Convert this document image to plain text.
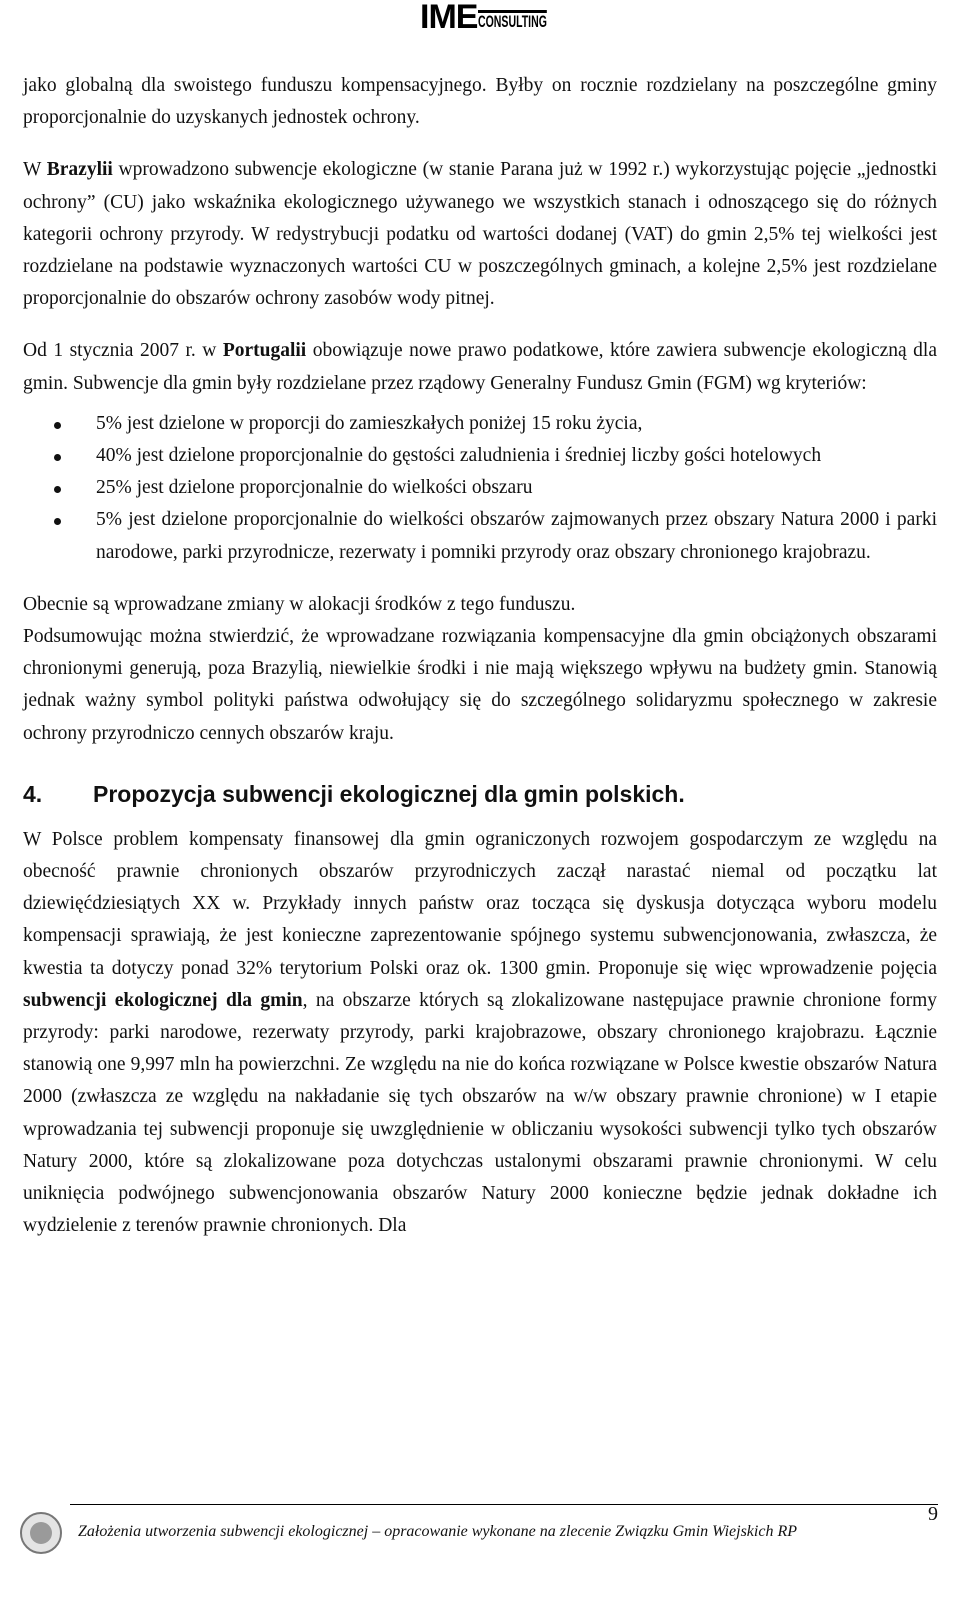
IME CONSULTING

jako globalną dla swoistego funduszu kompensacyjnego. Byłby on rocznie rozdzielany na poszczególne gminy proporcjonalnie do uzyskanych jednostek ochrony.

W Brazylii wprowadzono subwencje ekologiczne (w stanie Parana już w 1992 r.) wykorzystując pojęcie „jednostki ochrony” (CU) jako wskaźnika ekologicznego używanego we wszystkich stanach i odnoszącego się do różnych kategorii ochrony przyrody. W redystrybucji podatku od wartości dodanej (VAT) do gmin 2,5% tej wielkości jest rozdzielane na podstawie wyznaczonych wartości CU w poszczególnych gminach, a kolejne 2,5% jest rozdzielane proporcjonalnie do obszarów ochrony zasobów wody pitnej.

Od 1 stycznia 2007 r. w Portugalii obowiązuje nowe prawo podatkowe, które zawiera subwencje ekologiczną dla gmin. Subwencje dla gmin były rozdzielane przez rządowy Generalny Fundusz Gmin (FGM) wg kryteriów:

5% jest dzielone w proporcji do zamieszkałych poniżej 15 roku życia,
40% jest dzielone proporcjonalnie do gęstości zaludnienia i średniej liczby gości hotelowych
25% jest dzielone proporcjonalnie do wielkości obszaru
5% jest dzielone proporcjonalnie do wielkości obszarów zajmowanych przez obszary Natura 2000 i parki narodowe, parki przyrodnicze, rezerwaty i pomniki przyrody oraz obszary chronionego krajobrazu.

Obecnie są wprowadzane zmiany w alokacji środków z tego funduszu.

Podsumowując można stwierdzić, że wprowadzane rozwiązania kompensacyjne dla gmin obciążonych obszarami chronionymi generują, poza Brazylią, niewielkie środki i nie mają większego wpływu na budżety gmin. Stanowią jednak ważny symbol polityki państwa odwołujący się do szczególnego solidaryzmu społecznego w zakresie ochrony przyrodniczo cennych obszarów kraju.

4.	Propozycja subwencji ekologicznej dla gmin polskich.

W Polsce problem kompensaty finansowej dla gmin ograniczonych rozwojem gospodarczym ze względu na obecność prawnie chronionych obszarów przyrodniczych zaczął narastać niemal od początku lat dziewięćdziesiątych XX w. Przykłady innych państw oraz tocząca się dyskusja dotycząca wyboru modelu kompensacji sprawiają, że jest konieczne zaprezentowanie spójnego systemu subwencjonowania, zwłaszcza, że kwestia ta dotyczy ponad 32% terytorium Polski oraz ok. 1300 gmin. Proponuje się więc wprowadzenie pojęcia subwencji ekologicznej dla gmin, na obszarze których są zlokalizowane następujace prawnie chronione formy przyrody: parki narodowe, rezerwaty przyrody, parki krajobrazowe, obszary chronionego krajobrazu. Łącznie stanowią one 9,997 mln ha powierzchni. Ze względu na nie do końca rozwiązane w Polsce kwestie obszarów Natura 2000 (zwłaszcza ze względu na nakładanie się tych obszarów na w/w obszary prawnie chronione) w I etapie wprowadzania tej subwencji proponuje się uwzględnienie w obliczaniu wysokości subwencji tylko tych obszarów Natury 2000, które są zlokalizowane poza dotychczas ustalonymi obszarami prawnie chronionymi. W celu uniknięcia podwójnego subwencjonowania obszarów Natury 2000 konieczne będzie jednak dokładne ich wydzielenie z terenów prawnie chronionych. Dla

Założenia utworzenia subwencji ekologicznej – opracowanie wykonane na zlecenie Związku Gmin Wiejskich RP
9
